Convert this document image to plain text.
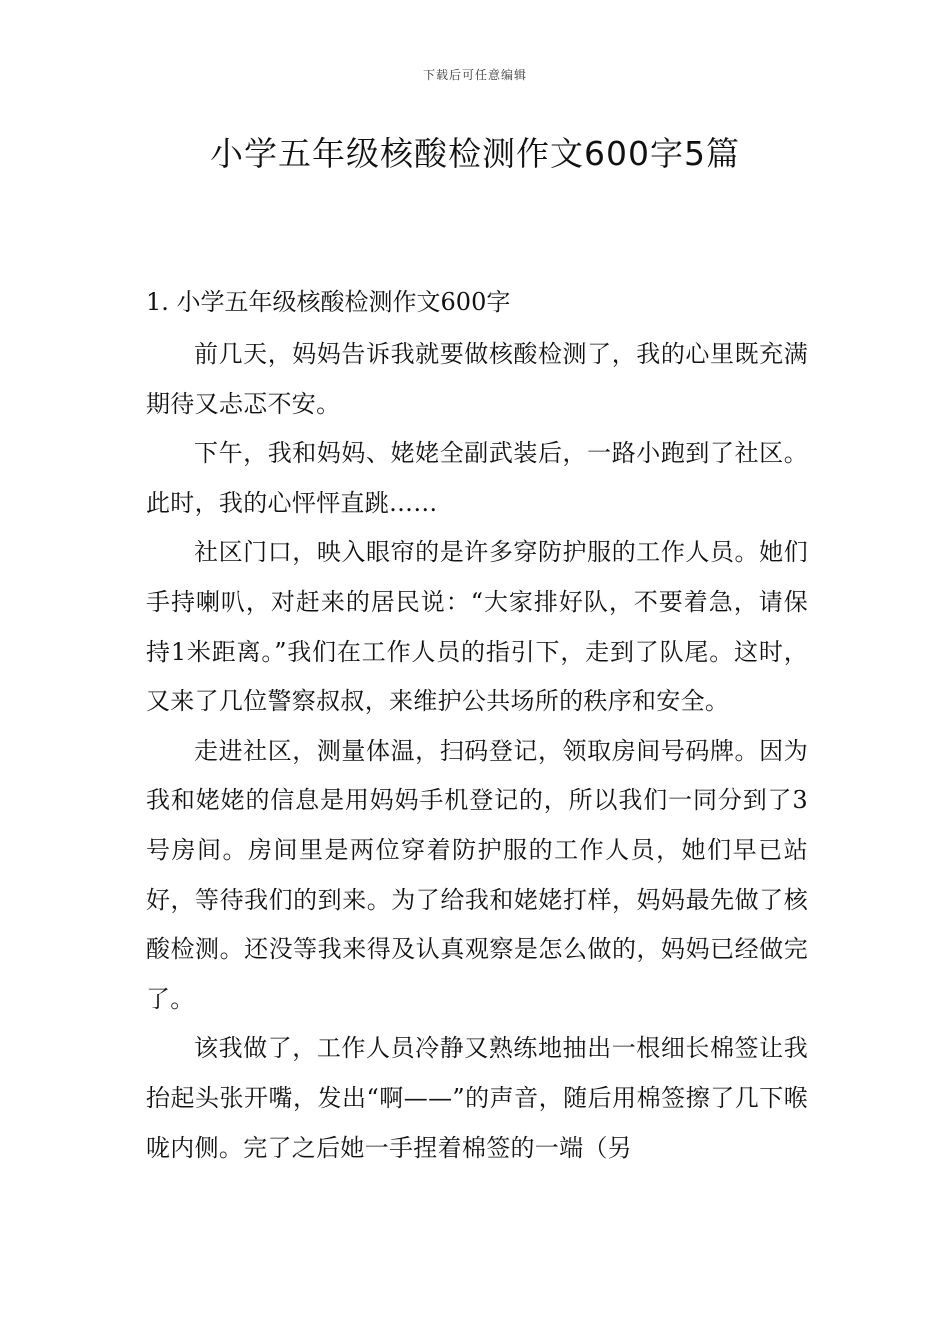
下载后可任意编辑
小学五年级核酸检测作文600字5篇
1. 小学五年级核酸检测作文600字

前几天，妈妈告诉我就要做核酸检测了，我的心里既充满期待又忐忑不安。

下午，我和妈妈、姥姥全副武装后，一路小跑到了社区。此时，我的心怦怦直跳……

社区门口，映入眼帘的是许多穿防护服的工作人员。她们手持喇叭，对赶来的居民说：“大家排好队，不要着急，请保持1米距离。”我们在工作人员的指引下，走到了队尾。这时，又来了几位警察叔叔，来维护公共场所的秩序和安全。

走进社区，测量体温，扫码登记，领取房间号码牌。因为我和姥姥的信息是用妈妈手机登记的，所以我们一同分到了3号房间。房间里是两位穿着防护服的工作人员，她们早已站好，等待我们的到来。为了给我和姥姥打样，妈妈最先做了核酸检测。还没等我来得及认真观察是怎么做的，妈妈已经做完了。

该我做了，工作人员冷静又熟练地抽出一根细长棉签让我抬起头张开嘴，发出“啊——”的声音，随后用棉签擦了几下喉咙内侧。完了之后她一手捏着棉签的一端（另
